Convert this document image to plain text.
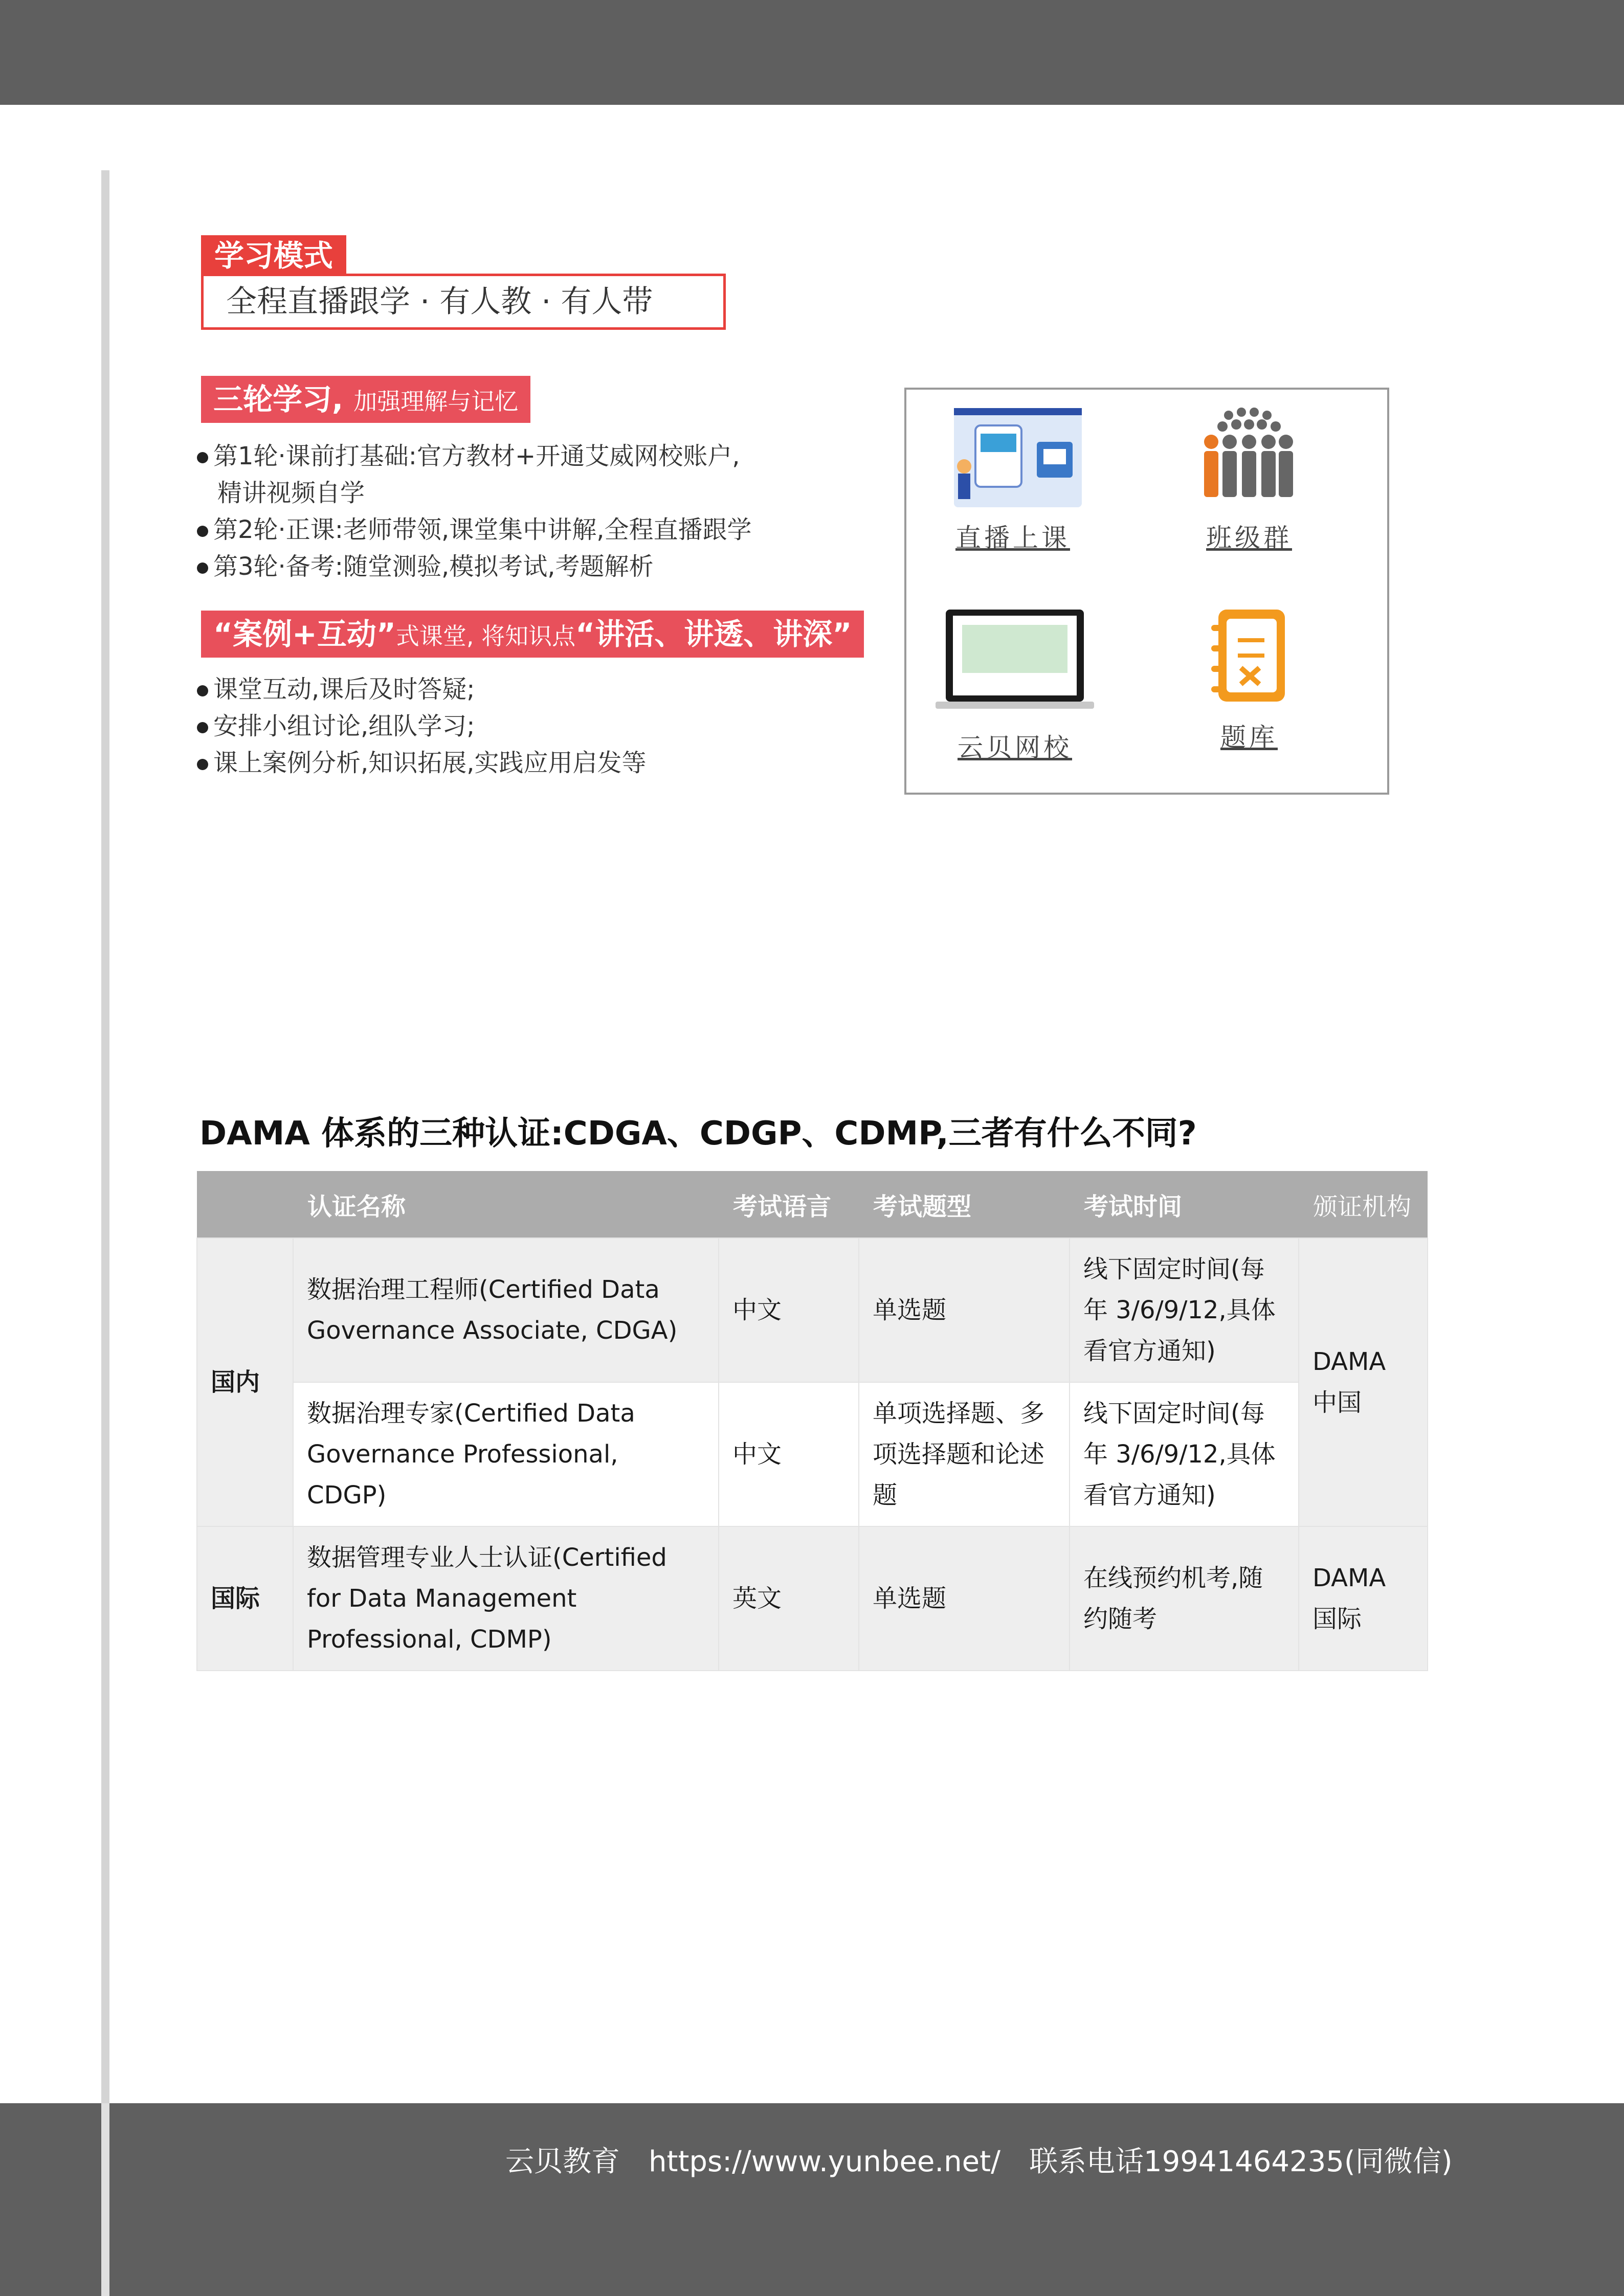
学习模式
全程直播跟学 · 有人教 · 有人带
三轮学习, 加强理解与记忆
第1轮·课前打基础:官方教材+开通艾威网校账户,
精讲视频自学
第2轮·正课:老师带领,课堂集中讲解,全程直播跟学
第3轮·备考:随堂测验,模拟考试,考题解析
“案例+互动”式课堂, 将知识点“讲活、讲透、讲深”
课堂互动,课后及时答疑;
安排小组讨论,组队学习;
课上案例分析,知识拓展,实践应用启发等
直播上课	班级群
云贝网校	题库
DAMA 体系的三种认证:CDGA、CDGP、CDMP,三者有什么不同?
	认证名称	考试语言	考试题型	考试时间	颁证机构
国内	数据治理工程师(Certified Data Governance Associate, CDGA)	中文	单选题	线下固定时间(每年 3/6/9/12,具体看官方通知)	DAMA 中国
	数据治理专家(Certified Data Governance Professional, CDGP)	中文	单项选择题、多项选择题和论述题	线下固定时间(每年 3/6/9/12,具体看官方通知)	
国际	数据管理专业人士认证(Certified for Data Management Professional, CDMP)	英文	单选题	在线预约机考,随约随考	DAMA 国际
云贝教育 https://www.yunbee.net/ 联系电话19941464235(同微信)
